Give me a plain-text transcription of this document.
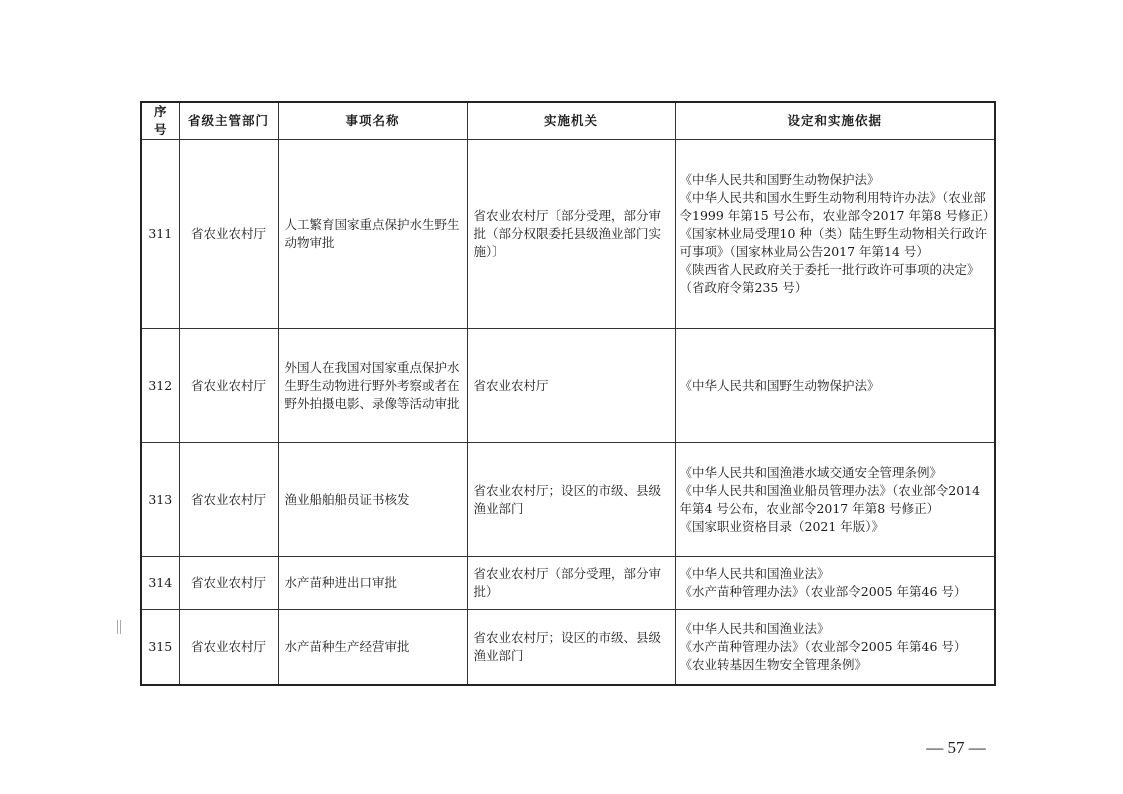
序号	省级主管部门	事项名称	实施机关	设定和实施依据
311	省农业农村厅	人工繁育国家重点保护水生野生动物审批	省农业农村厅〔部分受理，部分审批（部分权限委托县级渔业部门实施）〕	《中华人民共和国野生动物保护法》
《中华人民共和国水生野生动物利用特许办法》（农业部令1999 年第15 号公布，农业部令2017 年第8 号修正）
《国家林业局受理10 种（类）陆生野生动物相关行政许可事项》（国家林业局公告2017 年第14 号）
《陕西省人民政府关于委托一批行政许可事项的决定》（省政府令第235 号）

312	省农业农村厅	外国人在我国对国家重点保护水生野生动物进行野外考察或者在野外拍摄电影、录像等活动审批	省农业农村厅	《中华人民共和国野生动物保护法》

313	省农业农村厅	渔业船舶船员证书核发	省农业农村厅；设区的市级、县级渔业部门	《中华人民共和国渔港水域交通安全管理条例》
《中华人民共和国渔业船员管理办法》（农业部令2014 年第4 号公布，农业部令2017 年第8 号修正）
《国家职业资格目录（2021 年版）》

314	省农业农村厅	水产苗种进出口审批	省农业农村厅（部分受理，部分审批）	《中华人民共和国渔业法》
《水产苗种管理办法》（农业部令2005 年第46 号）

315	省农业农村厅	水产苗种生产经营审批	省农业农村厅；设区的市级、县级渔业部门	《中华人民共和国渔业法》
《水产苗种管理办法》（农业部令2005 年第46 号）
《农业转基因生物安全管理条例》
— 57 —
